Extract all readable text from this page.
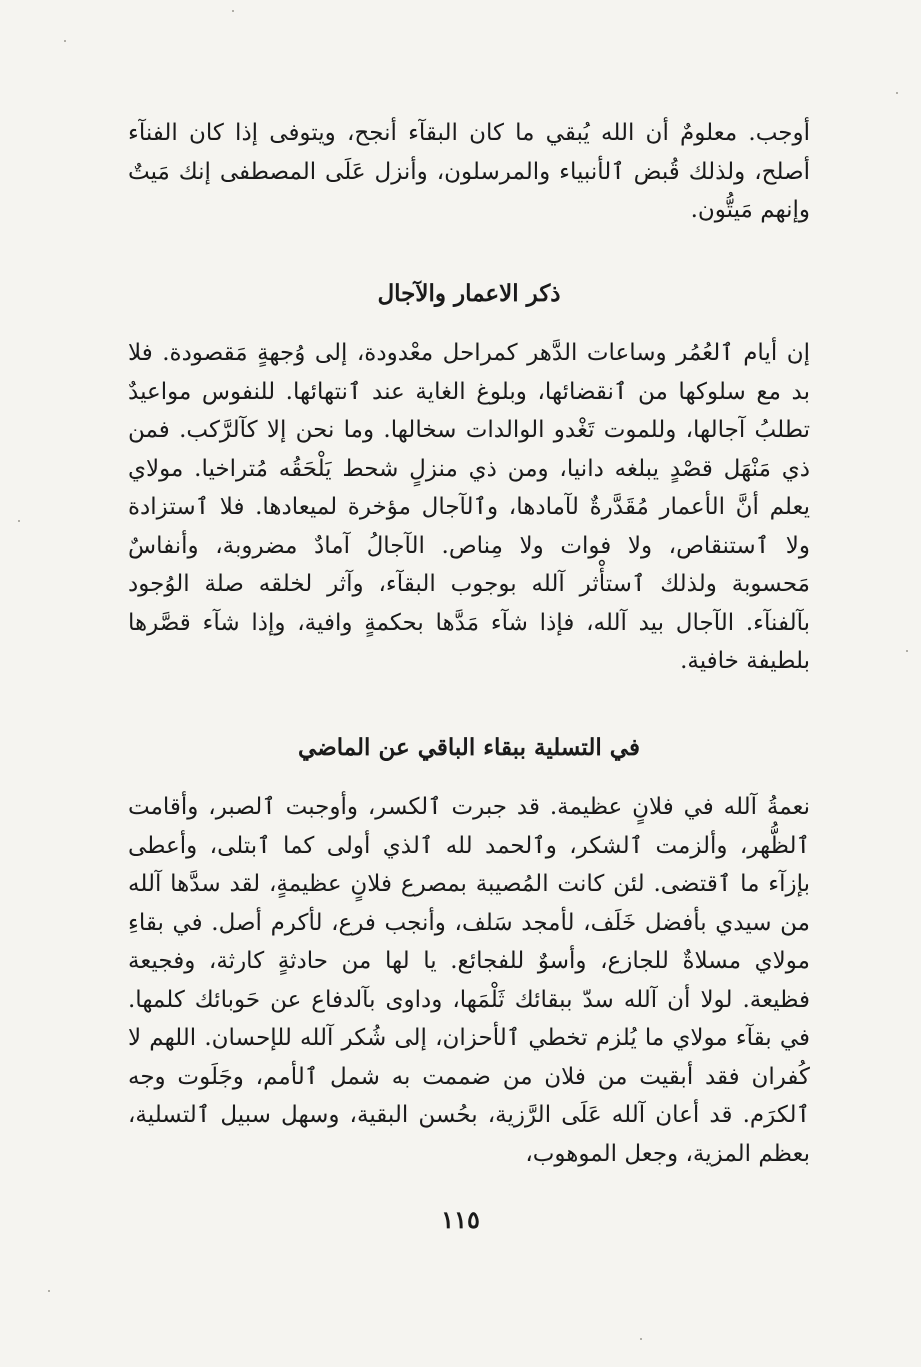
أوجب. معلومٌ أن الله يُبقي ما كان البقآء أنجح، ويتوفى إذا كان الفنآء أصلح، ولذلك قُبض ٱلأنبياء والمرسلون، وأنزل عَلَى المصطفى إنك مَيتٌ وإنهم مَيتُّون.

ذكر الاعمار والآجال

إن أيام ٱلعُمُر وساعات الدَّهر كمراحل معْدودة، إلى وُجهةٍ مَقصودة. فلا بد مع سلوكها من ٱنقضائها، وبلوغ الغاية عند ٱنتهائها. للنفوس مواعيدٌ تطلبُ آجالها، وللموت تَغْدو الوالدات سخالها. وما نحن إلا كآلرَّكب. فمن ذي مَنْهَل قصْدٍ يبلغه دانيا، ومن ذي منزلٍ شحط يَلْحَقُه مُتراخيا. مولاي يعلم أنَّ الأعمار مُقَدَّرةٌ لآمادها، وٱلآجال مؤخرة لميعادها. فلا ٱستزادة ولا ٱستنقاص، ولا فوات ولا مِناص. الآجالُ آمادٌ مضروبة، وأنفاسٌ مَحسوبة ولذلك ٱستأْثر آلله بوجوب البقآء، وآثر لخلقه صلة الوُجود بآلفنآء. الآجال بيد آلله، فإذا شآء مَدَّها بحكمةٍ وافية، وإذا شآء قصَّرها بلطيفة خافية.

في التسلية ببقاء الباقي عن الماضي

نعمةُ آلله في فلانٍ عظيمة. قد جبرت ٱلكسر، وأوجبت ٱلصبر، وأقامت ٱلظُّهر، وألزمت ٱلشكر، وٱلحمد لله ٱلذي أولى كما ٱبتلى، وأعطى بإزآء ما ٱقتضى. لئن كانت المُصيبة بمصرع فلانٍ عظيمةٍ، لقد سدَّها آلله من سيدي بأفضل خَلَف، لأمجد سَلف، وأنجب فرع، لأكرم أصل. في بقاءِ مولاي مسلاةٌ للجازع، وأسوٌ للفجائع. يا لها من حادثةٍ كارثة، وفجيعة فظيعة. لولا أن آلله سدّ ببقائك ثَلْمَها، وداوى بآلدفاع عن حَوبائك كلمها. في بقآء مولاي ما يُلزم تخطي ٱلأحزان، إلى شُكر آلله للإحسان. اللهم لا كُفران فقد أبقيت من فلان من ضممت به شمل ٱلأمم، وجَلَوت وجه ٱلكرَم. قد أعان آلله عَلَى الرَّزية، بحُسن البقية، وسهل سبيل ٱلتسلية، بعظم المزية، وجعل الموهوب،

١١٥
